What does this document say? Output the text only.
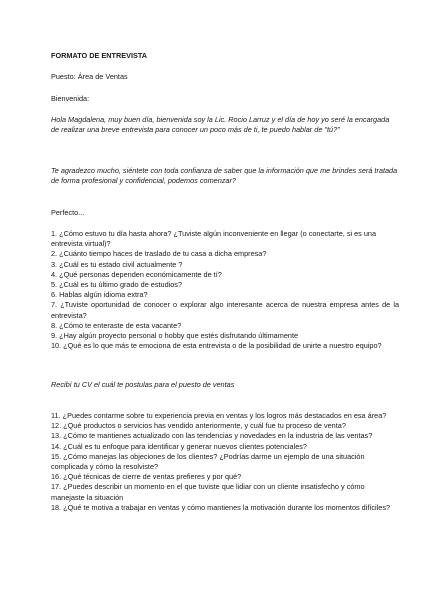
FORMATO DE ENTREVISTA

Puesto: Área de Ventas

Bienvenida:

Hola Magdalena, muy buen día, bienvenida soy la Lic. Rocio Larruz y el día de hoy yo seré la encargada de realizar una breve entrevista para conocer un poco más de ti, te puedo hablar de "tú?"

Te agradezco mucho, siéntete con toda confianza de saber que la información que me brindes será tratada de forma profesional y confidencial, podemos comenzar?

Perfecto...

1. ¿Cómo estuvo tu día hasta ahora? ¿Tuviste algún inconveniente en llegar (o conectarte, si es una entrevista virtual)?
2. ¿Cuánto tiempo haces de traslado de tu casa a dicha empresa?
3. ¿Cuál es tu estado civil actualmente ?
4. ¿Qué personas dependen económicamente de tí?
5. ¿Cuál es tu último grado de estudios?
6. Hablas algún idioma extra?
7. ¿Tuviste oportunidad de conocer o explorar algo interesante acerca de nuestra empresa antes de la entrevista?
8. ¿Cómo te enteraste de esta vacante?
9. ¿Hay algún proyecto personal o hobby que estés disfrutando últimamente
10. ¿Qué es lo que más te emociona de esta entrevista o de la posibilidad de unirte a nuestro equipo?

Recibí tu CV el cuál te postulas para el puesto de ventas

11. ¿Puedes contarme sobre tu experiencia previa en ventas y los logros más destacados en esa área?
12. ¿Qué productos o servicios has vendido anteriormente, y cuál fue tu proceso de venta?
13. ¿Cómo te mantienes actualizado con las tendencias y novedades en la industria de las ventas?
14. ¿Cuál es tu enfoque para identificar y generar nuevos clientes potenciales?
15. ¿Cómo manejas las objeciones de los clientes? ¿Podrías darme un ejemplo de una situación complicada y cómo la resolviste?
16. ¿Qué técnicas de cierre de ventas prefieres y por qué?
17. ¿Puedes describir un momento en el que tuviste que lidiar con un cliente insatisfecho y cómo manejaste la situación
18. ¿Qué te motiva a trabajar en ventas y cómo mantienes la motivación durante los momentos difíciles?
